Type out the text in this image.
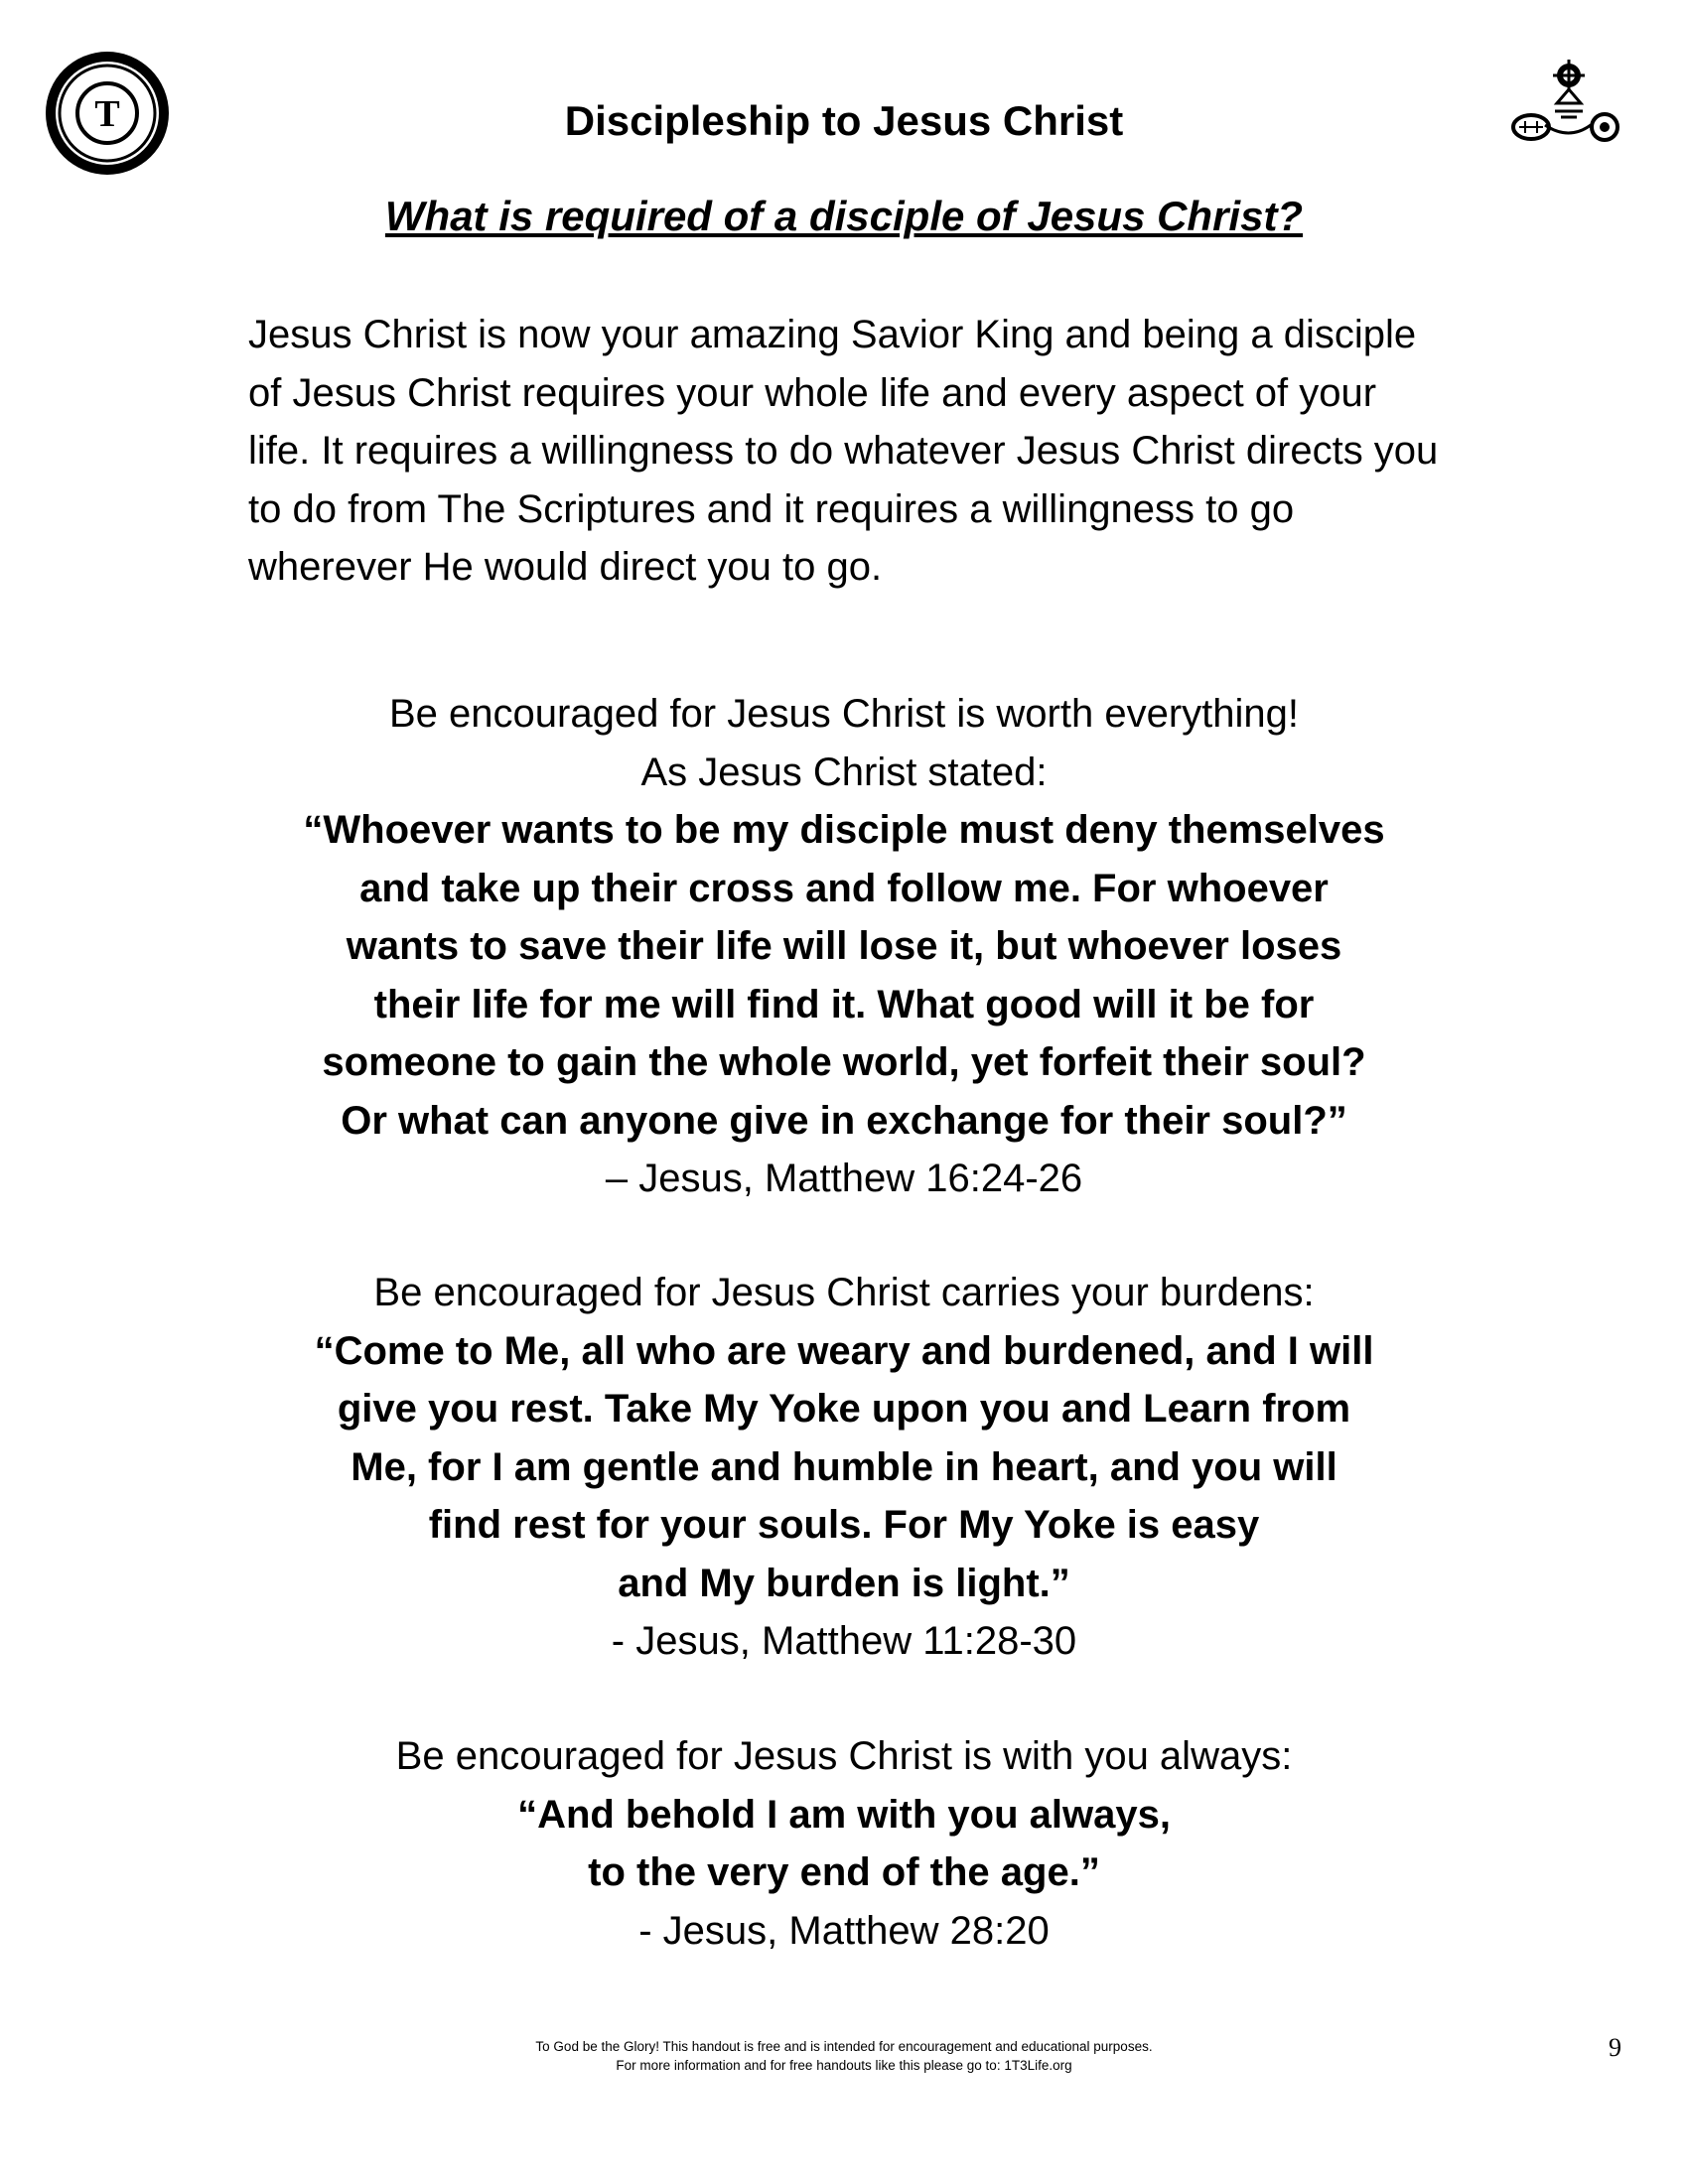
T	Discipleship to Jesus Christ
What is required of a disciple of Jesus Christ?

Jesus Christ is now your amazing Savior King and being a disciple of Jesus Christ requires your whole life and every aspect of your life. It requires a willingness to do whatever Jesus Christ directs you to do from The Scriptures and it requires a willingness to go wherever He would direct you to go.

Be encouraged for Jesus Christ is worth everything!

As Jesus Christ stated:

“Whoever wants to be my disciple must deny themselves

and take up their cross and follow me. For whoever

wants to save their life will lose it, but whoever loses

their life for me will find it. What good will it be for

someone to gain the whole world, yet forfeit their soul?

Or what can anyone give in exchange for their soul?”

– Jesus, Matthew 16:24-26

Be encouraged for Jesus Christ carries your burdens:

“Come to Me, all who are weary and burdened, and I will

give you rest. Take My Yoke upon you and Learn from

Me, for I am gentle and humble in heart, and you will

find rest for your souls. For My Yoke is easy

and My burden is light.”

- Jesus, Matthew 11:28-30

Be encouraged for Jesus Christ is with you always:

“And behold I am with you always,

to the very end of the age.”

- Jesus, Matthew 28:20

To God be the Glory! This handout is free and is intended for encouragement and educational purposes.

For more information and for free handouts like this please go to: 1T3Life.org

9
